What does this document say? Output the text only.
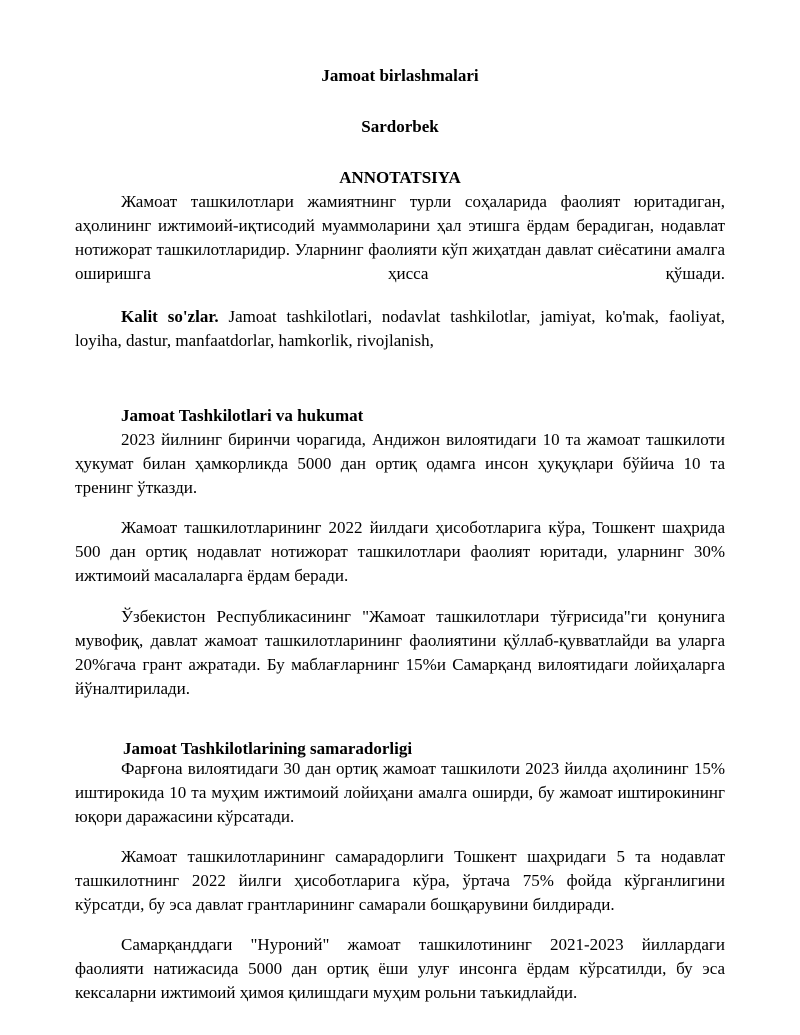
Jamoat birlashmalari
Sardorbek
ANNOTATSIYA

Жамоат ташкилотлари жамиятнинг турли соҳаларида фаолият юритадиган, аҳолининг ижтимоий-иқтисодий муаммоларини ҳал этишга ёрдам берадиган, нодавлат нотижорат ташкилотларидир. Уларнинг фаолияти кўп жиҳатдан давлат сиёсатини амалга оширишга ҳисса қўшади.

Kalit so'zlar. Jamoat tashkilotlari, nodavlat tashkilotlar, jamiyat, ko'mak, faoliyat, loyiha, dastur, manfaatdorlar, hamkorlik, rivojlanish,

Jamoat Tashkilotlari va hukumat

2023 йилнинг биринчи чорагида, Андижон вилоятидаги 10 та жамоат ташкилоти ҳукумат билан ҳамкорликда 5000 дан ортиқ одамга инсон ҳуқуқлари бўйича 10 та тренинг ўтказди.

Жамоат ташкилотларининг 2022 йилдаги ҳисоботларига кўра, Тошкент шаҳрида 500 дан ортиқ нодавлат нотижорат ташкилотлари фаолият юритади, уларнинг 30% ижтимоий масалаларга ёрдам беради.

Ўзбекистон Республикасининг "Жамоат ташкилотлари тўғрисида"ги қонунига мувофиқ, давлат жамоат ташкилотларининг фаолиятини қўллаб-қувватлайди ва уларга 20%гача грант ажратади. Бу маблағларнинг 15%и Самарқанд вилоятидаги лойиҳаларга йўналтирилади.

Jamoat Tashkilotlarining samaradorligi

Фарғона вилоятидаги 30 дан ортиқ жамоат ташкилоти 2023 йилда аҳолининг 15% иштирокида 10 та муҳим ижтимоий лойиҳани амалга оширди, бу жамоат иштирокининг юқори даражасини кўрсатади.

Жамоат ташкилотларининг самарадорлиги Тошкент шаҳридаги 5 та нодавлат ташкилотнинг 2022 йилги ҳисоботларига кўра, ўртача 75% фойда кўрганлигини кўрсатди, бу эса давлат грантларининг самарали бошқарувини билдиради.

Самарқанддаги "Нуроний" жамоат ташкилотининг 2021-2023 йиллардаги фаолияти натижасида 5000 дан ортиқ ёши улуғ инсонга ёрдам кўрсатилди, бу эса кексаларни ижтимоий ҳимоя қилишдаги муҳим рольни таъкидлайди.
